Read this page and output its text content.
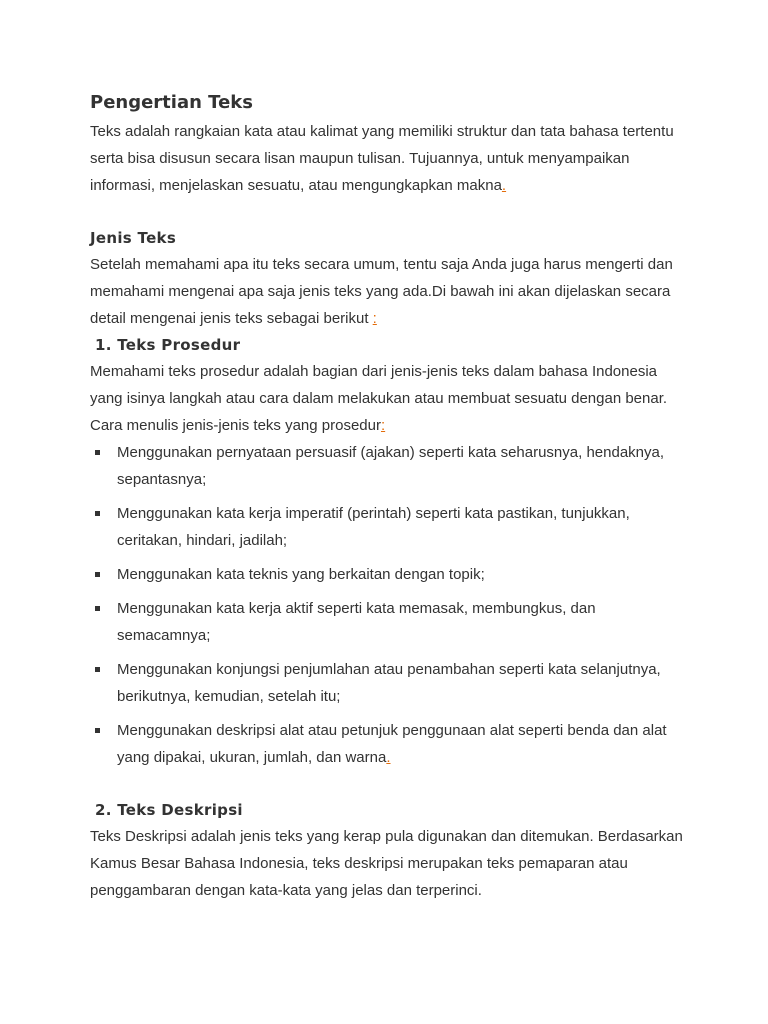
Pengertian Teks

Teks adalah rangkaian kata atau kalimat yang memiliki struktur dan tata bahasa tertentu serta bisa disusun secara lisan maupun tulisan. Tujuannya, untuk menyampaikan informasi, menjelaskan sesuatu, atau mengungkapkan makna.

Jenis Teks

Setelah memahami apa itu teks secara umum, tentu saja Anda juga harus mengerti dan memahami mengenai apa saja jenis teks yang ada.Di bawah ini akan dijelaskan secara detail mengenai jenis teks sebagai berikut :

1. Teks Prosedur

Memahami teks prosedur adalah bagian dari jenis-jenis teks dalam bahasa Indonesia yang isinya langkah atau cara dalam melakukan atau membuat sesuatu dengan benar. Cara menulis jenis-jenis teks yang prosedur:

Menggunakan pernyataan persuasif (ajakan) seperti kata seharusnya, hendaknya, sepantasnya;
Menggunakan kata kerja imperatif (perintah) seperti kata pastikan, tunjukkan, ceritakan, hindari, jadilah;
Menggunakan kata teknis yang berkaitan dengan topik;
Menggunakan kata kerja aktif seperti kata memasak, membungkus, dan semacamnya;
Menggunakan konjungsi penjumlahan atau penambahan seperti kata selanjutnya, berikutnya, kemudian, setelah itu;
Menggunakan deskripsi alat atau petunjuk penggunaan alat seperti benda dan alat yang dipakai, ukuran, jumlah, dan warna.
2. Teks Deskripsi

Teks Deskripsi adalah jenis teks yang kerap pula digunakan dan ditemukan. Berdasarkan Kamus Besar Bahasa Indonesia, teks deskripsi merupakan teks pemaparan atau penggambaran dengan kata-kata yang jelas dan terperinci.
